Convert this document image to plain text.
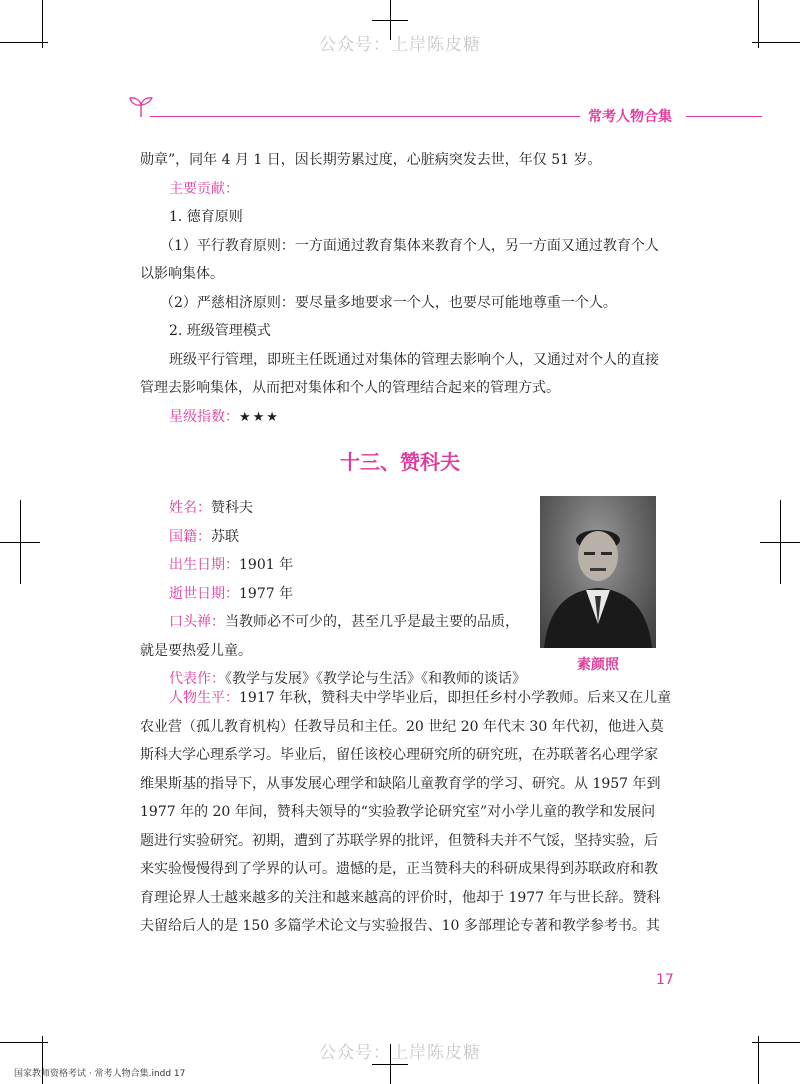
公众号：上岸陈皮糖
公众号：上岸陈皮糖
常考人物合集
勋章”，同年 4 月 1 日，因长期劳累过度，心脏病突发去世，年仅 51 岁。
主要贡献：
1. 德育原则
（1）平行教育原则：一方面通过教育集体来教育个人，另一方面又通过教育个人
以影响集体。
（2）严慈相济原则：要尽量多地要求一个人，也要尽可能地尊重一个人。
2. 班级管理模式
班级平行管理，即班主任既通过对集体的管理去影响个人，又通过对个人的直接
管理去影响集体，从而把对集体和个人的管理结合起来的管理方式。
星级指数：★★★
十三、赞科夫
姓名：赞科夫
国籍：苏联
出生日期：1901 年
逝世日期：1977 年
口头禅：当教师必不可少的，甚至几乎是最主要的品质，
就是要热爱儿童。
代表作：《教学与发展》《教学论与生活》《和教师的谈话》
素颜照
人物生平：1917 年秋，赞科夫中学毕业后，即担任乡村小学教师。后来又在儿童
农业营（孤儿教育机构）任教导员和主任。20 世纪 20 年代末 30 年代初，他进入莫
斯科大学心理系学习。毕业后，留任该校心理研究所的研究班，在苏联著名心理学家
维果斯基的指导下，从事发展心理学和缺陷儿童教育学的学习、研究。从 1957 年到
1977 年的 20 年间，赞科夫领导的“实验教学论研究室”对小学儿童的教学和发展问
题进行实验研究。初期，遭到了苏联学界的批评，但赞科夫并不气馁，坚持实验，后
来实验慢慢得到了学界的认可。遗憾的是，正当赞科夫的科研成果得到苏联政府和教
育理论界人士越来越多的关注和越来越高的评价时，他却于 1977 年与世长辞。赞科
夫留给后人的是 150 多篇学术论文与实验报告、10 多部理论专著和教学参考书。其
17
国家教师资格考试 · 常考人物合集.indd 17
